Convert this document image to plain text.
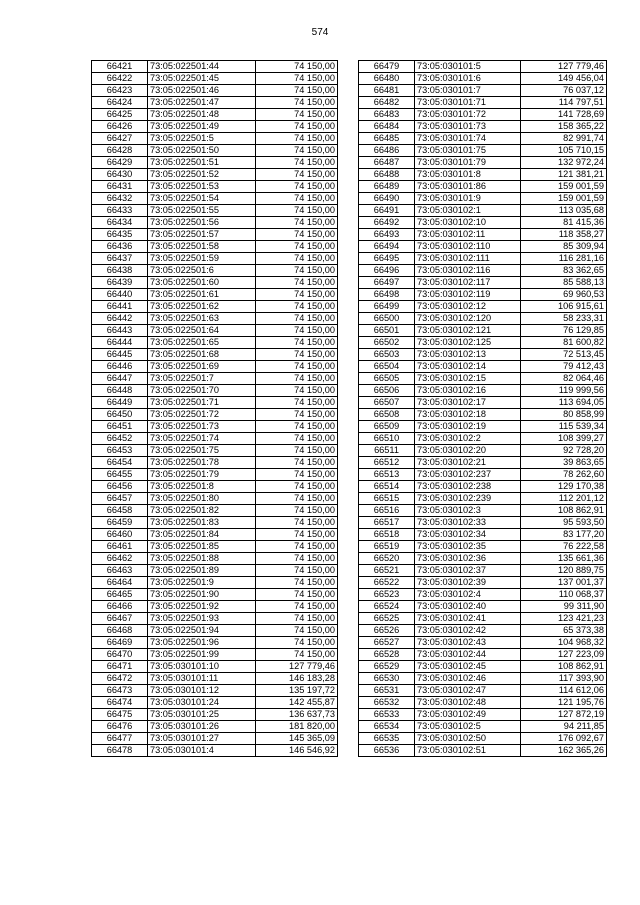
574
66421	73:05:022501:44	74 150,00
66422	73:05:022501:45	74 150,00
66423	73:05:022501:46	74 150,00
66424	73:05:022501:47	74 150,00
66425	73:05:022501:48	74 150,00
66426	73:05:022501:49	74 150,00
66427	73:05:022501:5	74 150,00
66428	73:05:022501:50	74 150,00
66429	73:05:022501:51	74 150,00
66430	73:05:022501:52	74 150,00
66431	73:05:022501:53	74 150,00
66432	73:05:022501:54	74 150,00
66433	73:05:022501:55	74 150,00
66434	73:05:022501:56	74 150,00
66435	73:05:022501:57	74 150,00
66436	73:05:022501:58	74 150,00
66437	73:05:022501:59	74 150,00
66438	73:05:022501:6	74 150,00
66439	73:05:022501:60	74 150,00
66440	73:05:022501:61	74 150,00
66441	73:05:022501:62	74 150,00
66442	73:05:022501:63	74 150,00
66443	73:05:022501:64	74 150,00
66444	73:05:022501:65	74 150,00
66445	73:05:022501:68	74 150,00
66446	73:05:022501:69	74 150,00
66447	73:05:022501:7	74 150,00
66448	73:05:022501:70	74 150,00
66449	73:05:022501:71	74 150,00
66450	73:05:022501:72	74 150,00
66451	73:05:022501:73	74 150,00
66452	73:05:022501:74	74 150,00
66453	73:05:022501:75	74 150,00
66454	73:05:022501:78	74 150,00
66455	73:05:022501:79	74 150,00
66456	73:05:022501:8	74 150,00
66457	73:05:022501:80	74 150,00
66458	73:05:022501:82	74 150,00
66459	73:05:022501:83	74 150,00
66460	73:05:022501:84	74 150,00
66461	73:05:022501:85	74 150,00
66462	73:05:022501:88	74 150,00
66463	73:05:022501:89	74 150,00
66464	73:05:022501:9	74 150,00
66465	73:05:022501:90	74 150,00
66466	73:05:022501:92	74 150,00
66467	73:05:022501:93	74 150,00
66468	73:05:022501:94	74 150,00
66469	73:05:022501:96	74 150,00
66470	73:05:022501:99	74 150,00
66471	73:05:030101:10	127 779,46
66472	73:05:030101:11	146 183,28
66473	73:05:030101:12	135 197,72
66474	73:05:030101:24	142 455,87
66475	73:05:030101:25	136 637,73
66476	73:05:030101:26	181 820,00
66477	73:05:030101:27	145 365,09
66478	73:05:030101:4	146 546,92
66479	73:05:030101:5	127 779,46
66480	73:05:030101:6	149 456,04
66481	73:05:030101:7	76 037,12
66482	73:05:030101:71	114 797,51
66483	73:05:030101:72	141 728,69
66484	73:05:030101:73	158 365,22
66485	73:05:030101:74	82 991,74
66486	73:05:030101:75	105 710,15
66487	73:05:030101:79	132 972,24
66488	73:05:030101:8	121 381,21
66489	73:05:030101:86	159 001,59
66490	73:05:030101:9	159 001,59
66491	73:05:030102:1	113 035,68
66492	73:05:030102:10	81 415,36
66493	73:05:030102:11	118 358,27
66494	73:05:030102:110	85 309,94
66495	73:05:030102:111	116 281,16
66496	73:05:030102:116	83 362,65
66497	73:05:030102:117	85 588,13
66498	73:05:030102:119	69 960,53
66499	73:05:030102:12	106 915,61
66500	73:05:030102:120	58 233,31
66501	73:05:030102:121	76 129,85
66502	73:05:030102:125	81 600,82
66503	73:05:030102:13	72 513,45
66504	73:05:030102:14	79 412,43
66505	73:05:030102:15	82 064,46
66506	73:05:030102:16	119 999,56
66507	73:05:030102:17	113 694,05
66508	73:05:030102:18	80 858,99
66509	73:05:030102:19	115 539,34
66510	73:05:030102:2	108 399,27
66511	73:05:030102:20	92 728,20
66512	73:05:030102:21	39 863,65
66513	73:05:030102:237	78 262,60
66514	73:05:030102:238	129 170,38
66515	73:05:030102:239	112 201,12
66516	73:05:030102:3	108 862,91
66517	73:05:030102:33	95 593,50
66518	73:05:030102:34	83 177,20
66519	73:05:030102:35	76 222,58
66520	73:05:030102:36	135 661,36
66521	73:05:030102:37	120 889,75
66522	73:05:030102:39	137 001,37
66523	73:05:030102:4	110 068,37
66524	73:05:030102:40	99 311,90
66525	73:05:030102:41	123 421,23
66526	73:05:030102:42	65 373,38
66527	73:05:030102:43	104 968,32
66528	73:05:030102:44	127 223,09
66529	73:05:030102:45	108 862,91
66530	73:05:030102:46	117 393,90
66531	73:05:030102:47	114 612,06
66532	73:05:030102:48	121 195,76
66533	73:05:030102:49	127 872,19
66534	73:05:030102:5	94 211,85
66535	73:05:030102:50	176 092,67
66536	73:05:030102:51	162 365,26
